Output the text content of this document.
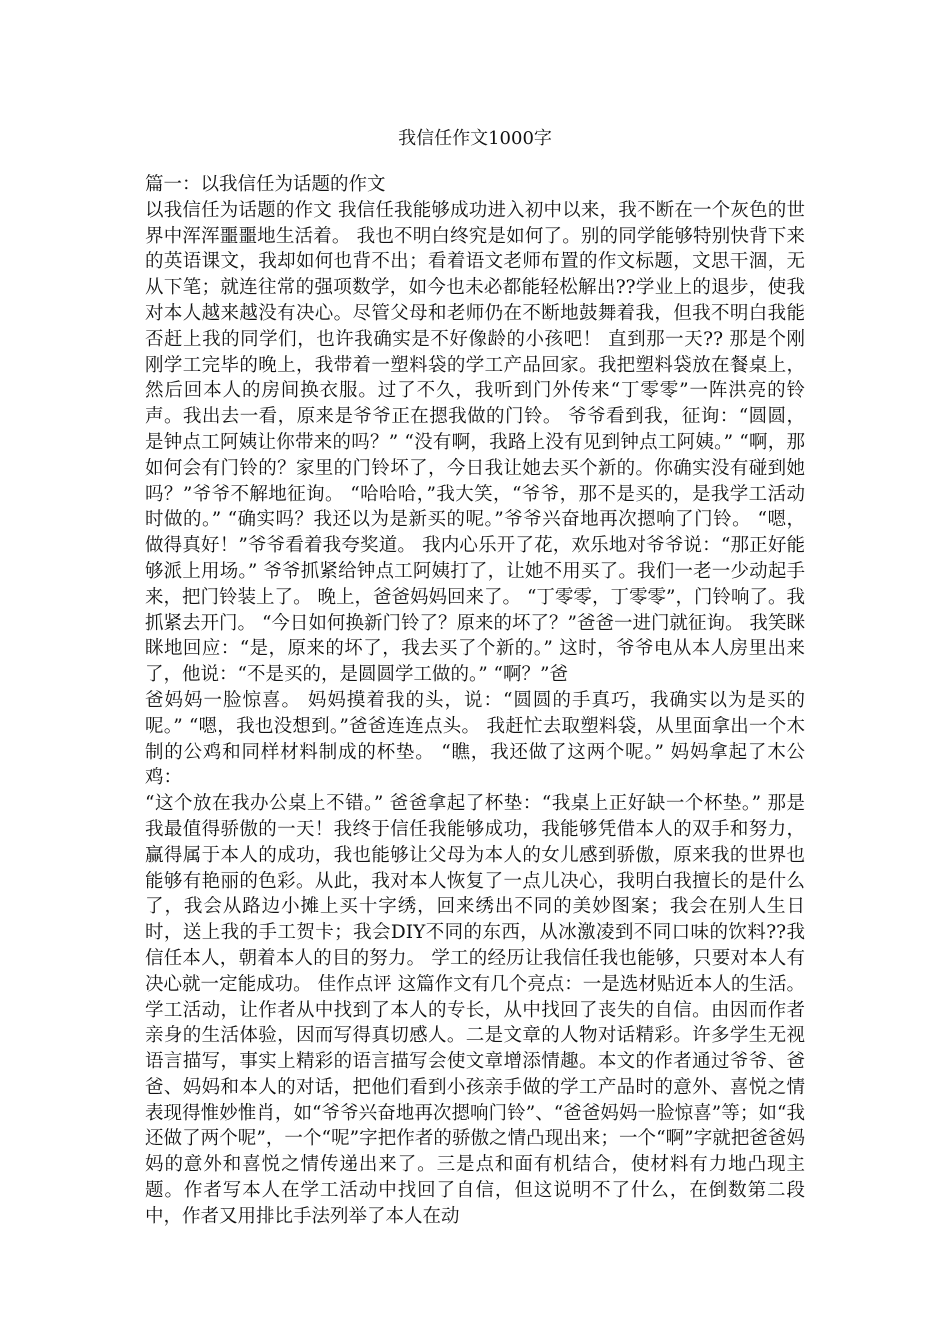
我信任作文1000字

篇一：以我信任为话题的作文

以我信任为话题的作文 我信任我能够成功进入初中以来，我不断在一个灰色的世界中浑浑噩噩地生活着。 我也不明白终究是如何了。别的同学能够特别快背下来的英语课文，我却如何也背不出；看着语文老师布置的作文标题，文思干涸，无从下笔；就连往常的强项数学，如今也未必都能轻松解出??学业上的退步，使我对本人越来越没有决心。尽管父母和老师仍在不断地鼓舞着我，但我不明白我能否赶上我的同学们，也许我确实是不好像龄的小孩吧！ 直到那一天?? 那是个刚刚学工完毕的晚上，我带着一塑料袋的学工产品回家。我把塑料袋放在餐桌上，然后回本人的房间换衣服。过了不久，我听到门外传来“丁零零”一阵洪亮的铃声。我出去一看，原来是爷爷正在摁我做的门铃。 爷爷看到我，征询：“圆圆，是钟点工阿姨让你带来的吗？” “没有啊，我路上没有见到钟点工阿姨。” “啊，那如何会有门铃的？家里的门铃坏了，今日我让她去买个新的。你确实没有碰到她吗？”爷爷不解地征询。 “哈哈哈，”我大笑，“爷爷，那不是买的，是我学工活动时做的。” “确实吗？我还以为是新买的呢。”爷爷兴奋地再次摁响了门铃。 “嗯，做得真好！”爷爷看着我夸奖道。 我内心乐开了花，欢乐地对爷爷说：“那正好能够派上用场。” 爷爷抓紧给钟点工阿姨打了，让她不用买了。我们一老一少动起手来，把门铃装上了。 晚上，爸爸妈妈回来了。 “丁零零，丁零零”，门铃响了。我抓紧去开门。 “今日如何换新门铃了？原来的坏了？”爸爸一进门就征询。 我笑眯眯地回应：“是，原来的坏了，我去买了个新的。” 这时，爷爷电从本人房里出来了，他说：“不是买的，是圆圆学工做的。” “啊？”爸

爸妈妈一脸惊喜。 妈妈摸着我的头，说：“圆圆的手真巧，我确实以为是买的呢。” “嗯，我也没想到。”爸爸连连点头。 我赶忙去取塑料袋，从里面拿出一个木制的公鸡和同样材料制成的杯垫。 “瞧，我还做了这两个呢。” 妈妈拿起了木公鸡：

“这个放在我办公桌上不错。” 爸爸拿起了杯垫：“我桌上正好缺一个杯垫。” 那是我最值得骄傲的一天！我终于信任我能够成功，我能够凭借本人的双手和努力，赢得属于本人的成功，我也能够让父母为本人的女儿感到骄傲，原来我的世界也能够有艳丽的色彩。从此，我对本人恢复了一点儿决心，我明白我擅长的是什么了，我会从路边小摊上买十字绣，回来绣出不同的美妙图案；我会在别人生日时，送上我的手工贺卡；我会DIY不同的东西，从冰激凌到不同口味的饮料??我信任本人，朝着本人的目的努力。 学工的经历让我信任我也能够，只要对本人有决心就一定能成功。 佳作点评 这篇作文有几个亮点：一是选材贴近本人的生活。学工活动，让作者从中找到了本人的专长，从中找回了丧失的自信。由因而作者亲身的生活体验，因而写得真切感人。二是文章的人物对话精彩。许多学生无视语言描写，事实上精彩的语言描写会使文章增添情趣。本文的作者通过爷爷、爸爸、妈妈和本人的对话，把他们看到小孩亲手做的学工产品时的意外、喜悦之情表现得惟妙惟肖，如“爷爷兴奋地再次摁响门铃”、“爸爸妈妈一脸惊喜”等；如“我还做了两个呢”，一个“呢”字把作者的骄傲之情凸现出来；一个“啊”字就把爸爸妈妈的意外和喜悦之情传递出来了。三是点和面有机结合，使材料有力地凸现主题。作者写本人在学工活动中找回了自信，但这说明不了什么，在倒数第二段中，作者又用排比手法列举了本人在动
